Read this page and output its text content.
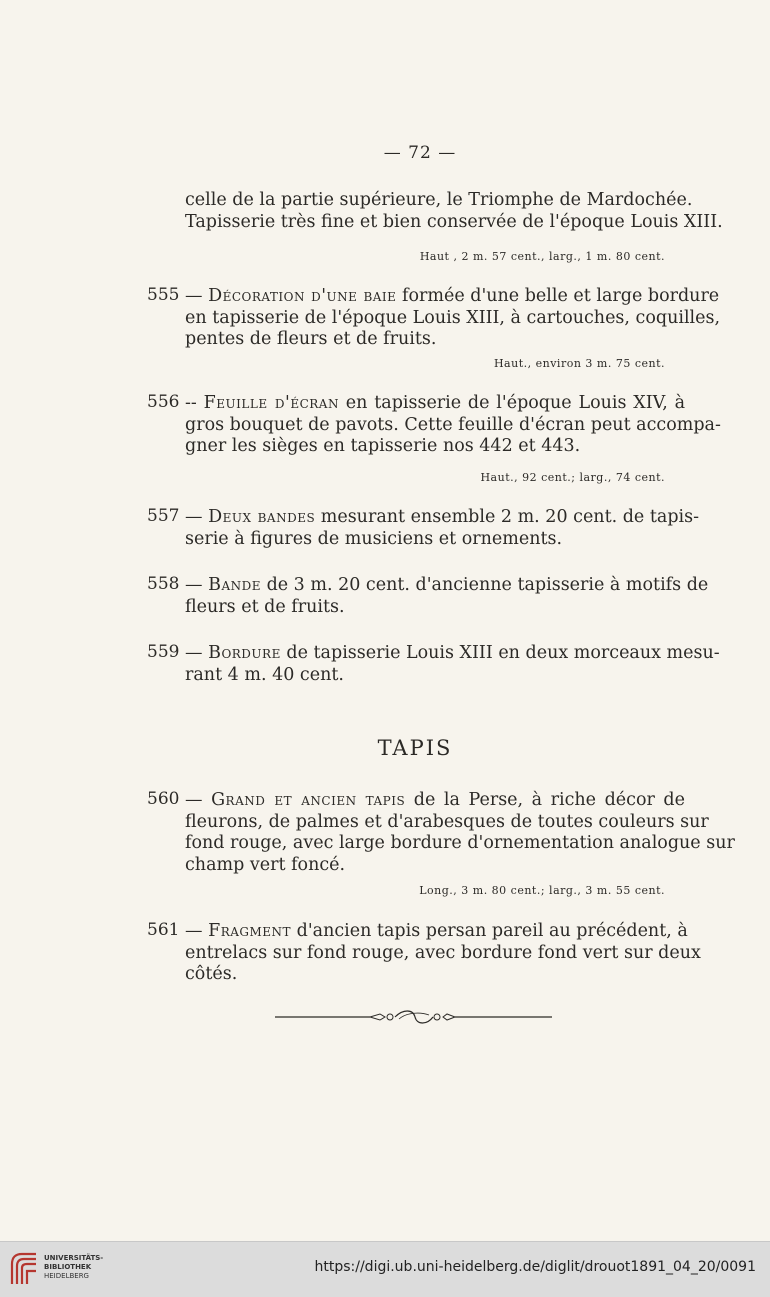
— 72 —
celle de la partie supérieure, le Triomphe de Mardochée.
Tapisserie très fine et bien conservée de l'époque Louis XIII.
Haut , 2 m. 57 cent., larg., 1 m. 80 cent.
555 — Décoration d'une baie formée d'une belle et large bordure
en tapisserie de l'époque Louis XIII, à cartouches, coquilles,
pentes de fleurs et de fruits.
Haut., environ 3 m. 75 cent.
556 -- Feuille d'écran en tapisserie de l'époque Louis XIV, à
gros bouquet de pavots. Cette feuille d'écran peut accompa-
gner les sièges en tapisserie nos 442 et 443.
Haut., 92 cent.; larg., 74 cent.
557 — Deux bandes mesurant ensemble 2 m. 20 cent. de tapis-
serie à figures de musiciens et ornements.
558 — Bande de 3 m. 20 cent. d'ancienne tapisserie à motifs de
fleurs et de fruits.
559 — Bordure de tapisserie Louis XIII en deux morceaux mesu-
rant 4 m. 40 cent.
TAPIS
560 — Grand et ancien tapis de la Perse, à riche décor de
fleurons, de palmes et d'arabesques de toutes couleurs sur
fond rouge, avec large bordure d'ornementation analogue sur
champ vert foncé.
Long., 3 m. 80 cent.; larg., 3 m. 55 cent.
561 — Fragment d'ancien tapis persan pareil au précédent, à
entrelacs sur fond rouge, avec bordure fond vert sur deux
côtés.
UNIVERSITÄTS-
BIBLIOTHEK
HEIDELBERG
https://digi.ub.uni-heidelberg.de/diglit/drouot1891_04_20/0091
